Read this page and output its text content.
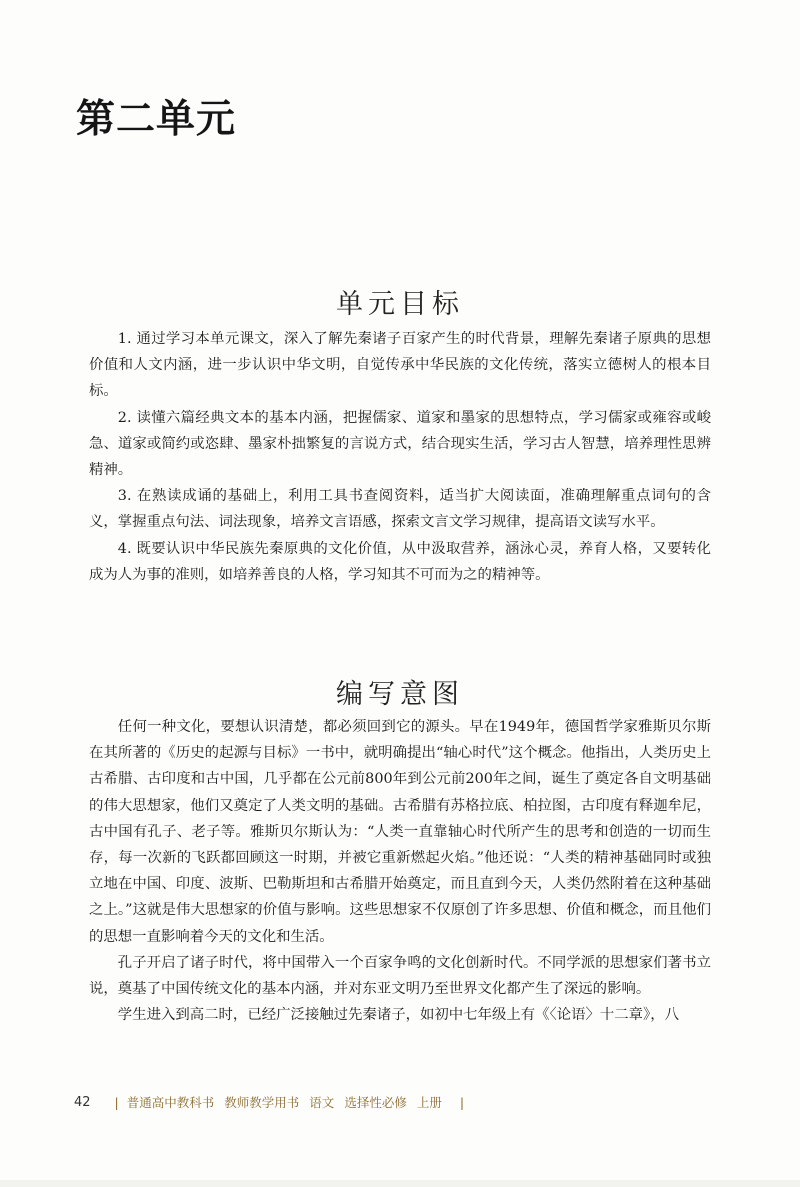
第二单元
单元目标

1. 通过学习本单元课文，深入了解先秦诸子百家产生的时代背景，理解先秦诸子原典的思想价值和人文内涵，进一步认识中华文明，自觉传承中华民族的文化传统，落实立德树人的根本目标。

2. 读懂六篇经典文本的基本内涵，把握儒家、道家和墨家的思想特点，学习儒家或雍容或峻急、道家或简约或恣肆、墨家朴拙繁复的言说方式，结合现实生活，学习古人智慧，培养理性思辨精神。

3. 在熟读成诵的基础上，利用工具书查阅资料，适当扩大阅读面，准确理解重点词句的含义，掌握重点句法、词法现象，培养文言语感，探索文言文学习规律，提高语文读写水平。

4. 既要认识中华民族先秦原典的文化价值，从中汲取营养，涵泳心灵，养育人格，又要转化成为人为事的准则，如培养善良的人格，学习知其不可而为之的精神等。

编写意图

任何一种文化，要想认识清楚，都必须回到它的源头。早在1949年，德国哲学家雅斯贝尔斯在其所著的《历史的起源与目标》一书中，就明确提出“轴心时代”这个概念。他指出，人类历史上古希腊、古印度和古中国，几乎都在公元前800年到公元前200年之间，诞生了奠定各自文明基础的伟大思想家，他们又奠定了人类文明的基础。古希腊有苏格拉底、柏拉图，古印度有释迦牟尼，古中国有孔子、老子等。雅斯贝尔斯认为：“人类一直靠轴心时代所产生的思考和创造的一切而生存，每一次新的飞跃都回顾这一时期，并被它重新燃起火焰。”他还说：“人类的精神基础同时或独立地在中国、印度、波斯、巴勒斯坦和古希腊开始奠定，而且直到今天，人类仍然附着在这种基础之上。”这就是伟大思想家的价值与影响。这些思想家不仅原创了许多思想、价值和概念，而且他们的思想一直影响着今天的文化和生活。

孔子开启了诸子时代，将中国带入一个百家争鸣的文化创新时代。不同学派的思想家们著书立说，奠基了中国传统文化的基本内涵，并对东亚文明乃至世界文化都产生了深远的影响。

学生进入到高二时，已经广泛接触过先秦诸子，如初中七年级上有《〈论语〉十二章》，八

42 | 普通高中教科书 教师教学用书 语文 选择性必修 上册 |
